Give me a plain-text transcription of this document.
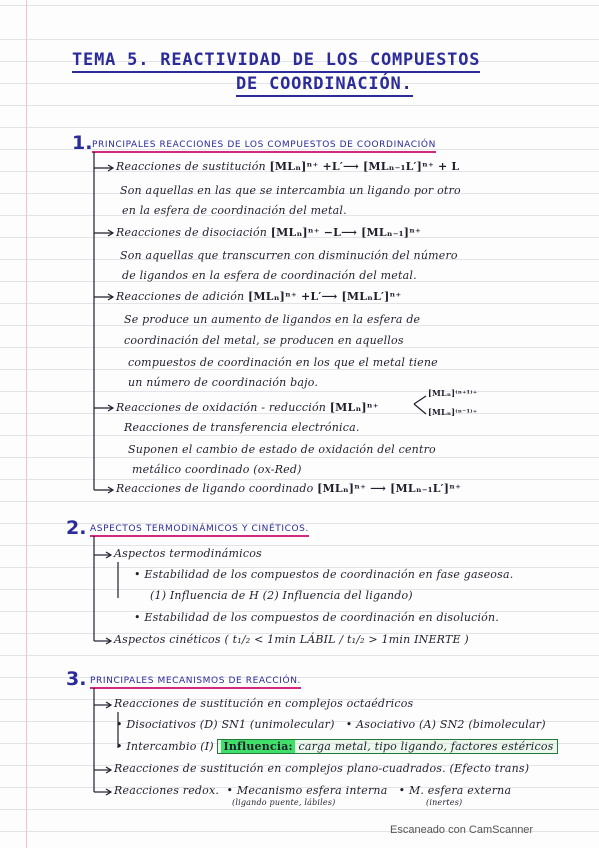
TEMA 5. REACTIVIDAD DE LOS COMPUESTOS
DE COORDINACIÓN.
1. PRINCIPALES REACCIONES DE LOS COMPUESTOS DE COORDINACIÓN
Reacciones de sustitución [MLₙ]ⁿ⁺ +L′⟶ [MLₙ₋₁L′]ⁿ⁺ + L
Son aquellas en las que se intercambia un ligando por otro
en la esfera de coordinación del metal.
Reacciones de disociación [MLₙ]ⁿ⁺ −L⟶ [MLₙ₋₁]ⁿ⁺
Son aquellas que transcurren con disminución del número
de ligandos en la esfera de coordinación del metal.
Reacciones de adición [MLₙ]ⁿ⁺ +L′⟶ [MLₙL′]ⁿ⁺
Se produce un aumento de ligandos en la esfera de
coordinación del metal, se producen en aquellos
compuestos de coordinación en los que el metal tiene
un número de coordinación bajo.
Reacciones de oxidación - reducción [MLₙ]ⁿ⁺
[MLₙ]⁽ⁿ⁺¹⁾⁺
[MLₙ]⁽ⁿ⁻¹⁾⁺
Reacciones de transferencia electrónica.
Suponen el cambio de estado de oxidación del centro
metálico coordinado (ox-Red)
Reacciones de ligando coordinado [MLₙ]ⁿ⁺ ⟶ [MLₙ₋₁L′]ⁿ⁺
2. ASPECTOS TERMODINÁMICOS Y CINÉTICOS.
Aspectos termodinámicos
• Estabilidad de los compuestos de coordinación en fase gaseosa.
(1) Influencia de H (2) Influencia del ligando)
• Estabilidad de los compuestos de coordinación en disolución.
Aspectos cinéticos ( t₁/₂ < 1min LÁBIL / t₁/₂ > 1min INERTE )
3. PRINCIPALES MECANISMOS DE REACCIÓN.
Reacciones de sustitución en complejos octaédricos
• Disociativos (D) SN1 (unimolecular) • Asociativo (A) SN2 (bimolecular)
• Intercambio (I) Influencia: carga metal, tipo ligando, factores estéricos
Reacciones de sustitución en complejos plano-cuadrados. (Efecto trans)
Reacciones redox. • Mecanismo esfera interna • M. esfera externa
(ligando puente, lábiles)	(inertes)
Escaneado con CamScanner
